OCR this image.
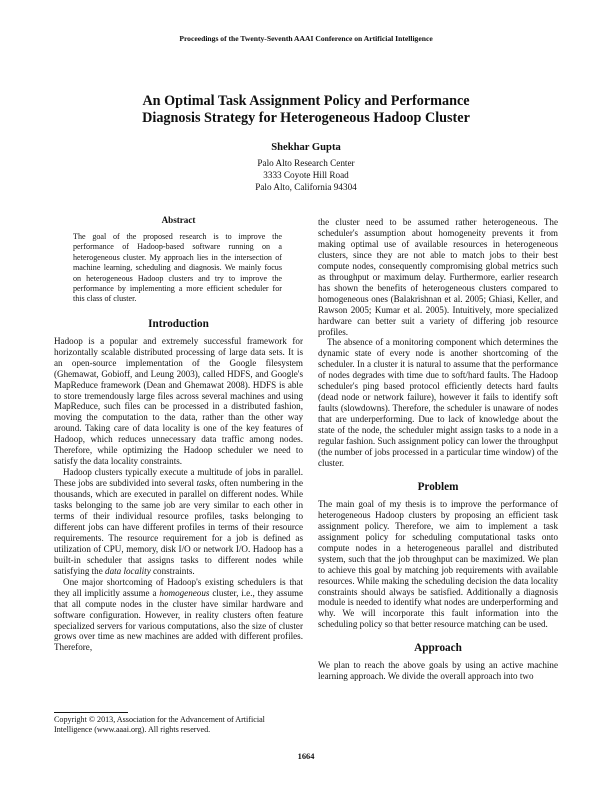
Proceedings of the Twenty-Seventh AAAI Conference on Artificial Intelligence
An Optimal Task Assignment Policy and Performance
Diagnosis Strategy for Heterogeneous Hadoop Cluster
Shekhar Gupta
Palo Alto Research Center
3333 Coyote Hill Road
Palo Alto, California 94304
Abstract
The goal of the proposed research is to improve the performance of Hadoop-based software running on a heterogeneous cluster. My approach lies in the intersection of machine learning, scheduling and diagnosis. We mainly focus on heterogeneous Hadoop clusters and try to improve the performance by implementing a more efficient scheduler for this class of cluster.
Introduction

Hadoop is a popular and extremely successful framework for horizontally scalable distributed processing of large data sets. It is an open-source implementation of the Google filesystem (Ghemawat, Gobioff, and Leung 2003), called HDFS, and Google's MapReduce framework (Dean and Ghemawat 2008). HDFS is able to store tremendously large files across several machines and using MapReduce, such files can be processed in a distributed fashion, moving the computation to the data, rather than the other way around. Taking care of data locality is one of the key features of Hadoop, which reduces unnecessary data traffic among nodes. Therefore, while optimizing the Hadoop scheduler we need to satisfy the data locality constraints.

Hadoop clusters typically execute a multitude of jobs in parallel. These jobs are subdivided into several tasks, often numbering in the thousands, which are executed in parallel on different nodes. While tasks belonging to the same job are very similar to each other in terms of their individual resource profiles, tasks belonging to different jobs can have different profiles in terms of their resource requirements. The resource requirement for a job is defined as utilization of CPU, memory, disk I/O or network I/O. Hadoop has a built-in scheduler that assigns tasks to different nodes while satisfying the data locality constraints.

One major shortcoming of Hadoop's existing schedulers is that they all implicitly assume a homogeneous cluster, i.e., they assume that all compute nodes in the cluster have similar hardware and software configuration. However, in reality clusters often feature specialized servers for various computations, also the size of cluster grows over time as new machines are added with different profiles. Therefore,

Copyright © 2013, Association for the Advancement of Artificial Intelligence (www.aaai.org). All rights reserved.

the cluster need to be assumed rather heterogeneous. The scheduler's assumption about homogeneity prevents it from making optimal use of available resources in heterogeneous clusters, since they are not able to match jobs to their best compute nodes, consequently compromising global metrics such as throughput or maximum delay. Furthermore, earlier research has shown the benefits of heterogeneous clusters compared to homogeneous ones (Balakrishnan et al. 2005; Ghiasi, Keller, and Rawson 2005; Kumar et al. 2005). Intuitively, more specialized hardware can better suit a variety of differing job resource profiles.

The absence of a monitoring component which determines the dynamic state of every node is another shortcoming of the scheduler. In a cluster it is natural to assume that the performance of nodes degrades with time due to soft/hard faults. The Hadoop scheduler's ping based protocol efficiently detects hard faults (dead node or network failure), however it fails to identify soft faults (slowdowns). Therefore, the scheduler is unaware of nodes that are underperforming. Due to lack of knowledge about the state of the node, the scheduler might assign tasks to a node in a regular fashion. Such assignment policy can lower the throughput (the number of jobs processed in a particular time window) of the cluster.

Problem

The main goal of my thesis is to improve the performance of heterogeneous Hadoop clusters by proposing an efficient task assignment policy. Therefore, we aim to implement a task assignment policy for scheduling computational tasks onto compute nodes in a heterogeneous parallel and distributed system, such that the job throughput can be maximized. We plan to achieve this goal by matching job requirements with available resources. While making the scheduling decision the data locality constraints should always be satisfied. Additionally a diagnosis module is needed to identify what nodes are underperforming and why. We will incorporate this fault information into the scheduling policy so that better resource matching can be used.

Approach

We plan to reach the above goals by using an active machine learning approach. We divide the overall approach into two

1664
